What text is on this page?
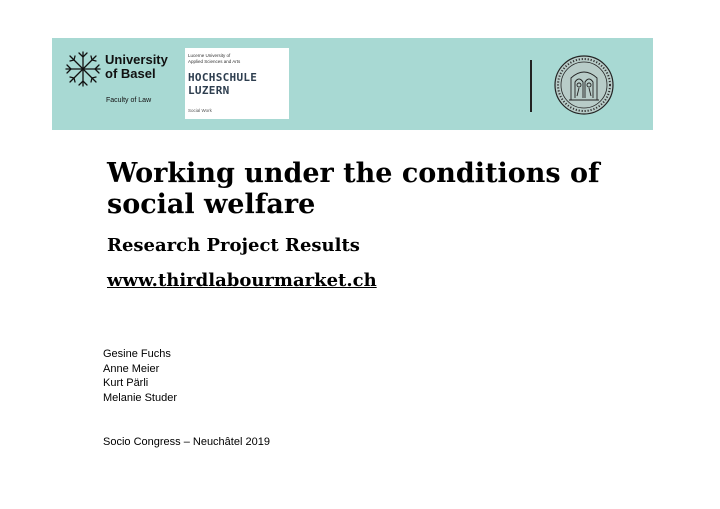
University
of Basel
Faculty of Law
Lucerne University of
Applied Sciences and Arts
HOCHSCHULE
LUZERN
Social Work
Working under the conditions of social welfare
Research Project Results
www.thirdlabourmarket.ch
Gesine Fuchs
Anne Meier
Kurt Pärli
Melanie Studer
Socio Congress – Neuchâtel 2019
